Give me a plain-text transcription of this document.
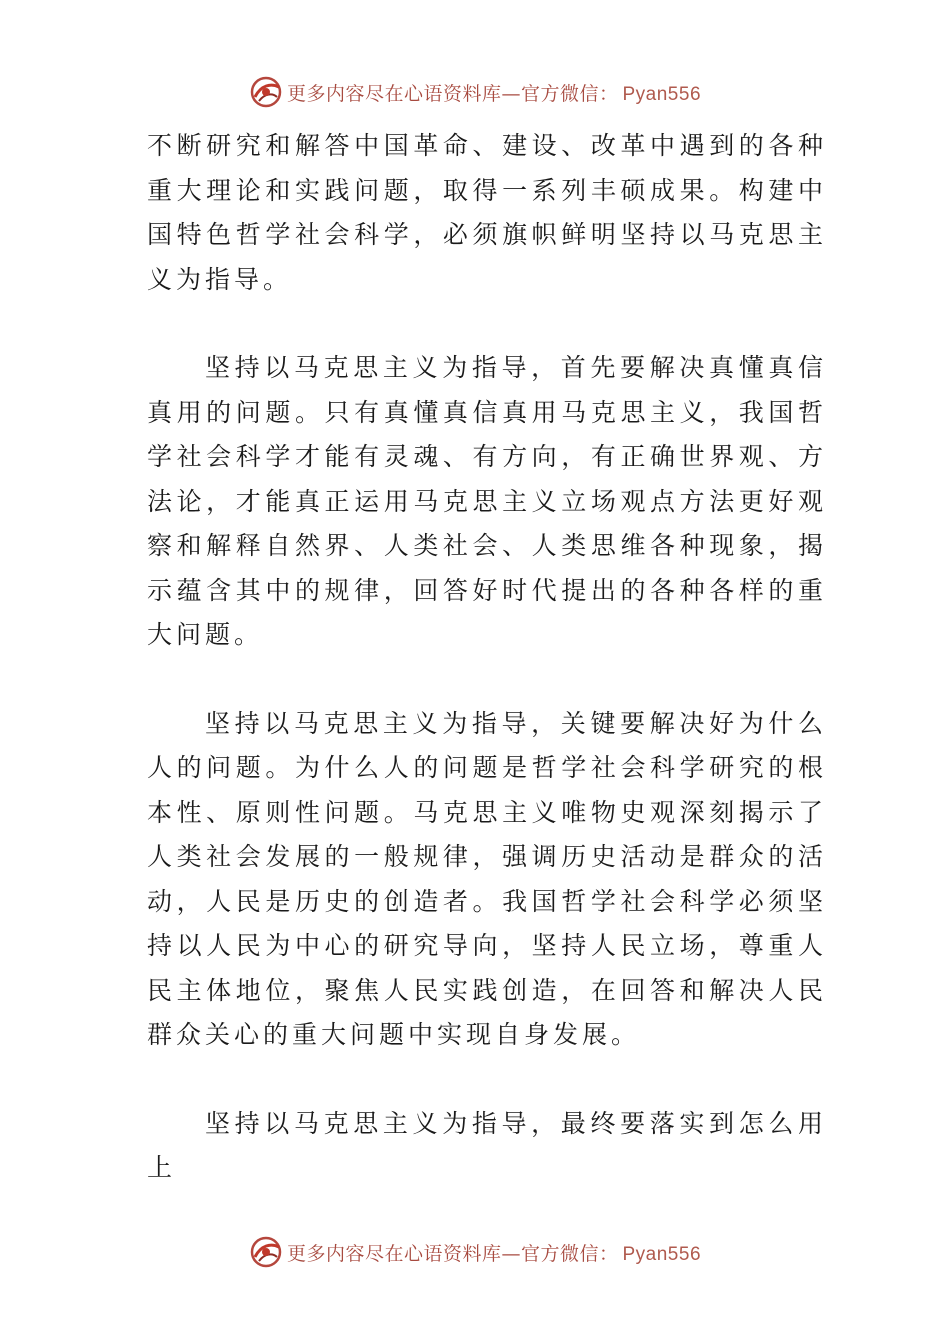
更多内容尽在心语资料库—官方微信： Pyan556

不断研究和解答中国革命、建设、改革中遇到的各种重大理论和实践问题，取得一系列丰硕成果。构建中国特色哲学社会科学，必须旗帜鲜明坚持以马克思主义为指导。

坚持以马克思主义为指导，首先要解决真懂真信真用的问题。只有真懂真信真用马克思主义，我国哲学社会科学才能有灵魂、有方向，有正确世界观、方法论，才能真正运用马克思主义立场观点方法更好观察和解释自然界、人类社会、人类思维各种现象，揭示蕴含其中的规律，回答好时代提出的各种各样的重大问题。

坚持以马克思主义为指导，关键要解决好为什么人的问题。为什么人的问题是哲学社会科学研究的根本性、原则性问题。马克思主义唯物史观深刻揭示了人类社会发展的一般规律，强调历史活动是群众的活动，人民是历史的创造者。我国哲学社会科学必须坚持以人民为中心的研究导向，坚持人民立场，尊重人民主体地位，聚焦人民实践创造，在回答和解决人民群众关心的重大问题中实现自身发展。

坚持以马克思主义为指导，最终要落实到怎么用上

更多内容尽在心语资料库—官方微信： Pyan556
